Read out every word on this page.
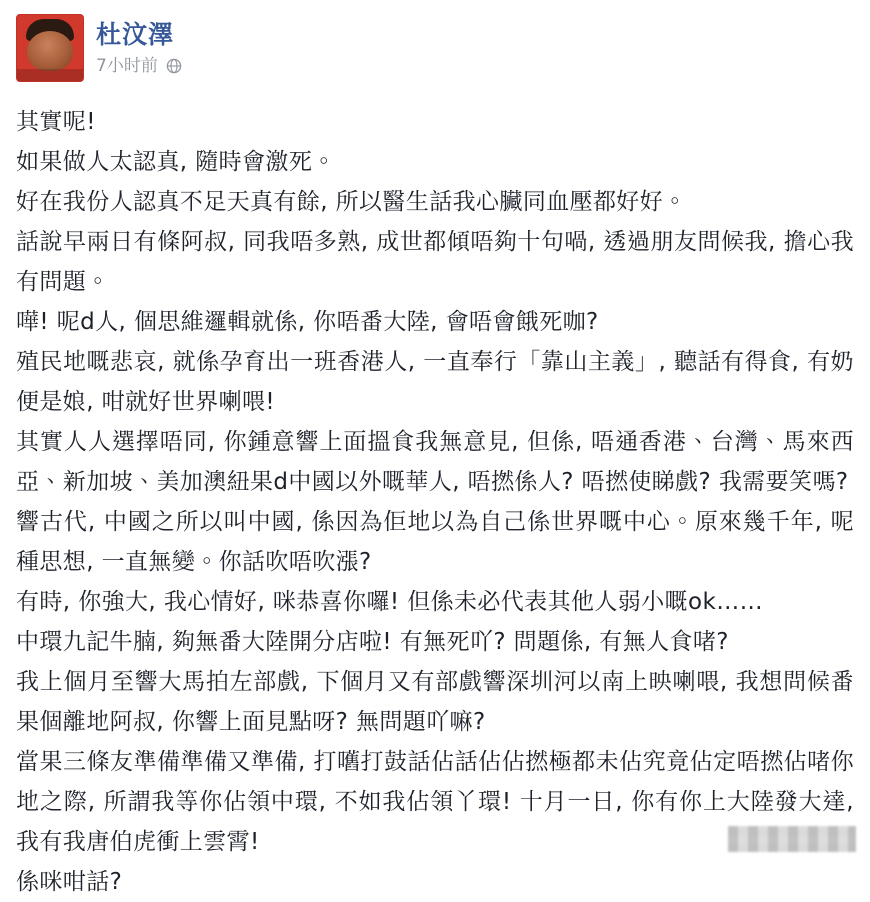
杜汶澤
7小时前

其實呢!

如果做人太認真, 隨時會激死。

好在我份人認真不足天真有餘, 所以醫生話我心臟同血壓都好好。

話說早兩日有條阿叔, 同我唔多熟, 成世都傾唔夠十句喎, 透過朋友問候我, 擔心我有問題。

嘩! 呢d人, 個思維邏輯就係, 你唔番大陸, 會唔會餓死咖?

殖民地嘅悲哀, 就係孕育出一班香港人, 一直奉行「靠山主義」, 聽話有得食, 有奶便是娘, 咁就好世界喇喂!

其實人人選擇唔同, 你鍾意響上面搵食我無意見, 但係, 唔通香港、台灣、馬來西亞、新加坡、美加澳紐果d中國以外嘅華人, 唔撚係人? 唔撚使睇戲? 我需要笑嗎?

響古代, 中國之所以叫中國, 係因為佢地以為自己係世界嘅中心。原來幾千年, 呢種思想, 一直無變。你話吹唔吹漲?

有時, 你強大, 我心情好, 咪恭喜你囉! 但係未必代表其他人弱小嘅ok……

中環九記牛腩, 夠無番大陸開分店啦! 有無死吖? 問題係, 有無人食啫?

我上個月至響大馬拍左部戲, 下個月又有部戲響深圳河以南上映喇喂, 我想問候番果個離地阿叔, 你響上面見點呀? 無問題吖嘛?

當果三條友準備準備又準備, 打嚿打鼓話佔話佔佔撚極都未佔究竟佔定唔撚佔啫你地之際, 所謂我等你佔領中環, 不如我佔領丫環! 十月一日, 你有你上大陸發大達, 我有我唐伯虎衝上雲霄!

係咪咁話?
